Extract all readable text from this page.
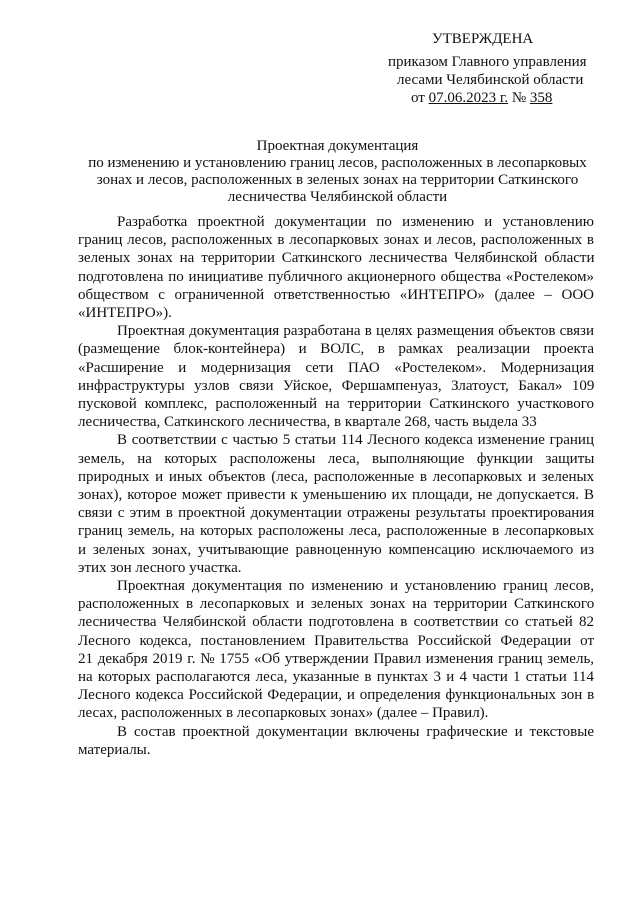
УТВЕРЖДЕНА
приказом Главного управления
лесами Челябинской области
от 07.06.2023 г. № 358
Проектная документация
по изменению и установлению границ лесов, расположенных в лесопарковых
зонах и лесов, расположенных в зеленых зонах на территории Саткинского
лесничества Челябинской области

Разработка проектной документации по изменению и установлению
границ лесов, расположенных в лесопарковых зонах и лесов, расположенных в
зеленых зонах на территории Саткинского лесничества Челябинской области
подготовлена по инициативе публичного акционерного общества «Ростелеком»
обществом с ограниченной ответственностью «ИНТЕПРО» (далее – ООО
«ИНТЕПРО»).

Проектная документация разработана в целях размещения объектов связи
(размещение блок-контейнера) и ВОЛС, в рамках реализации проекта
«Расширение и модернизация сети ПАО «Ростелеком». Модернизация
инфраструктуры узлов связи Уйское, Фершампенуаз, Златоуст, Бакал» 109
пусковой комплекс, расположенный на территории Саткинского участкового
лесничества, Саткинского лесничества, в квартале 268, часть выдела 33

В соответствии с частью 5 статьи 114 Лесного кодекса изменение границ
земель, на которых расположены леса, выполняющие функции защиты
природных и иных объектов (леса, расположенные в лесопарковых и зеленых
зонах), которое может привести к уменьшению их площади, не допускается. В
связи с этим в проектной документации отражены результаты проектирования
границ земель, на которых расположены леса, расположенные в лесопарковых
и зеленых зонах, учитывающие равноценную компенсацию исключаемого из
этих зон лесного участка.

Проектная документация по изменению и установлению границ лесов,
расположенных в лесопарковых и зеленых зонах на территории Саткинского
лесничества Челябинской области подготовлена в соответствии со статьей 82
Лесного кодекса, постановлением Правительства Российской Федерации от
21 декабря 2019 г. № 1755 «Об утверждении Правил изменения границ земель,
на которых располагаются леса, указанные в пунктах 3 и 4 части 1 статьи 114
Лесного кодекса Российской Федерации, и определения функциональных зон в
лесах, расположенных в лесопарковых зонах» (далее – Правил).

В состав проектной документации включены графические и текстовые
материалы.
